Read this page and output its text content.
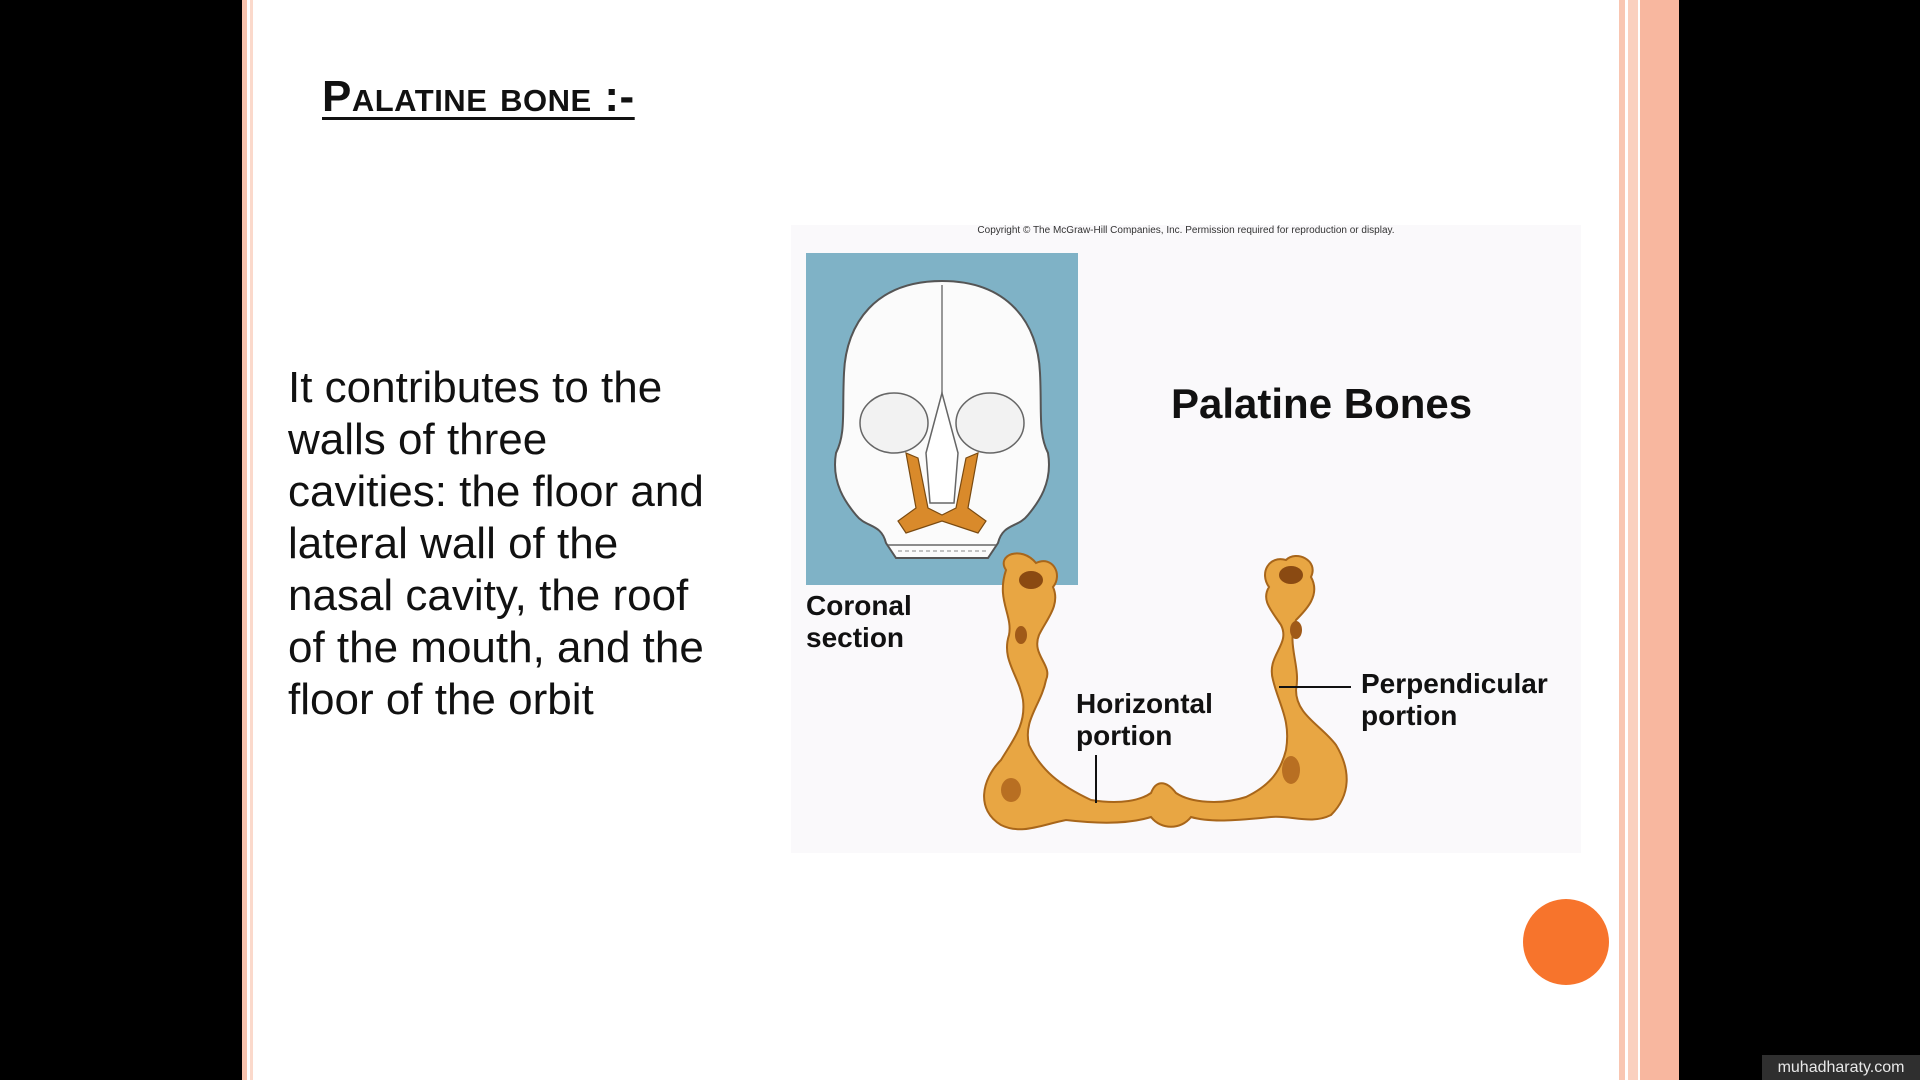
Palatine bone :-
It contributes to the walls of three cavities: the floor and lateral wall of the nasal cavity, the roof of the mouth, and the floor of the orbit
Copyright © The McGraw-Hill Companies, Inc. Permission required for reproduction or display.
Palatine Bones
Coronal
section
Horizontal
portion
Perpendicular
portion
muhadharaty.com
